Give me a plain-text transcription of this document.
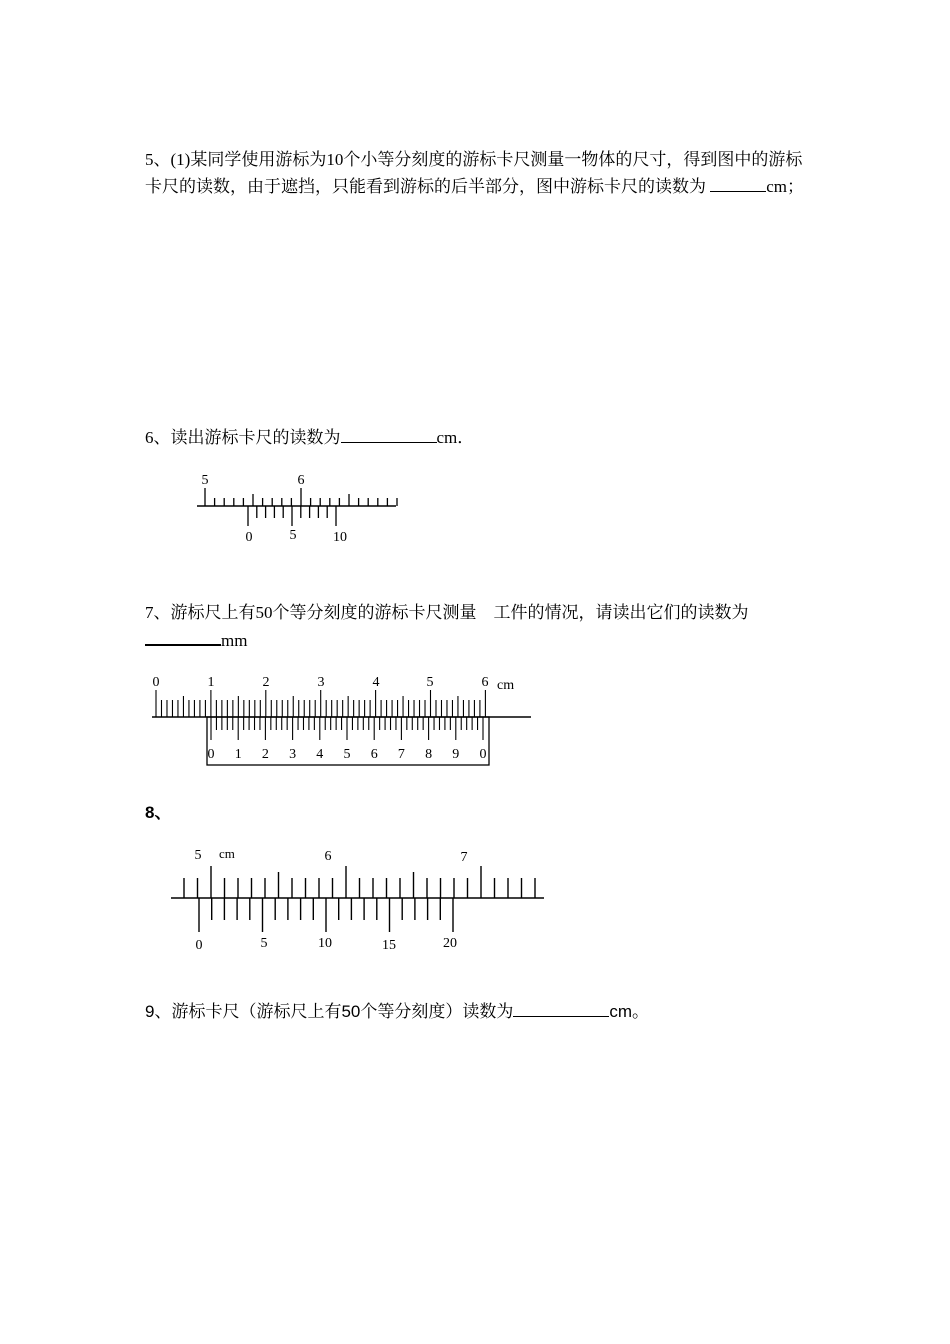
5、(1)某同学使用游标为10个小等分刻度的游标卡尺测量一物体的尺寸，得到图中的游标卡尺的读数，由于遮挡，只能看到游标的后半部分，图中游标卡尺的读数为	cm；
6、读出游标卡尺的读数为	cm．
5	6
0	5	10
7、游标尺上有50个等分刻度的游标卡尺测量　工件的情况，请读出它们的读数为mm
0	1	2	3	4	5	6 cm
0 1 2 3 4 5 6 7 8 9 0
8、
5 cm	6	7
0	5	10	15	20
9、游标卡尺（游标尺上有50个等分刻度）读数为	cm。
